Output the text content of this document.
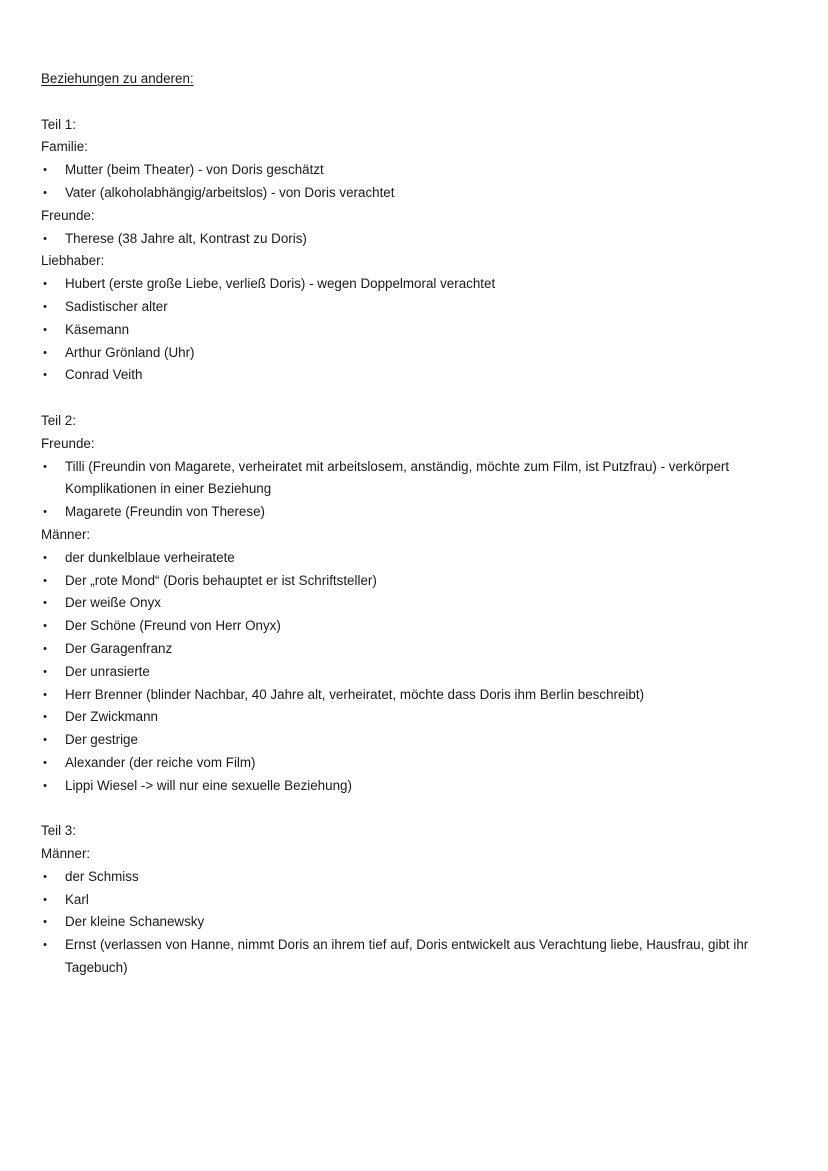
Beziehungen zu anderen:

Teil 1:

Familie:

• Mutter (beim Theater) - von Doris geschätzt
• Vater (alkoholabhängig/arbeitslos) - von Doris verachtet

Freunde:

• Therese (38 Jahre alt, Kontrast zu Doris)

Liebhaber:

• Hubert (erste große Liebe, verließ Doris) - wegen Doppelmoral verachtet
• Sadistischer alter
• Käsemann
• Arthur Grönland (Uhr)
• Conrad Veith

Teil 2:

Freunde:

• Tilli (Freundin von Magarete, verheiratet mit arbeitslosem, anständig, möchte zum Film, ist Putzfrau) - verkörpert Komplikationen in einer Beziehung
• Magarete (Freundin von Therese)

Männer:

• der dunkelblaue verheiratete
• Der „rote Mond“ (Doris behauptet er ist Schriftsteller)
• Der weiße Onyx
• Der Schöne (Freund von Herr Onyx)
• Der Garagenfranz
• Der unrasierte
• Herr Brenner (blinder Nachbar, 40 Jahre alt, verheiratet, möchte dass Doris ihm Berlin beschreibt)
• Der Zwickmann
• Der gestrige
• Alexander (der reiche vom Film)
• Lippi Wiesel -> will nur eine sexuelle Beziehung)

Teil 3:

Männer:

• der Schmiss
• Karl
• Der kleine Schanewsky
• Ernst (verlassen von Hanne, nimmt Doris an ihrem tief auf, Doris entwickelt aus Verachtung liebe, Hausfrau, gibt ihr Tagebuch)
